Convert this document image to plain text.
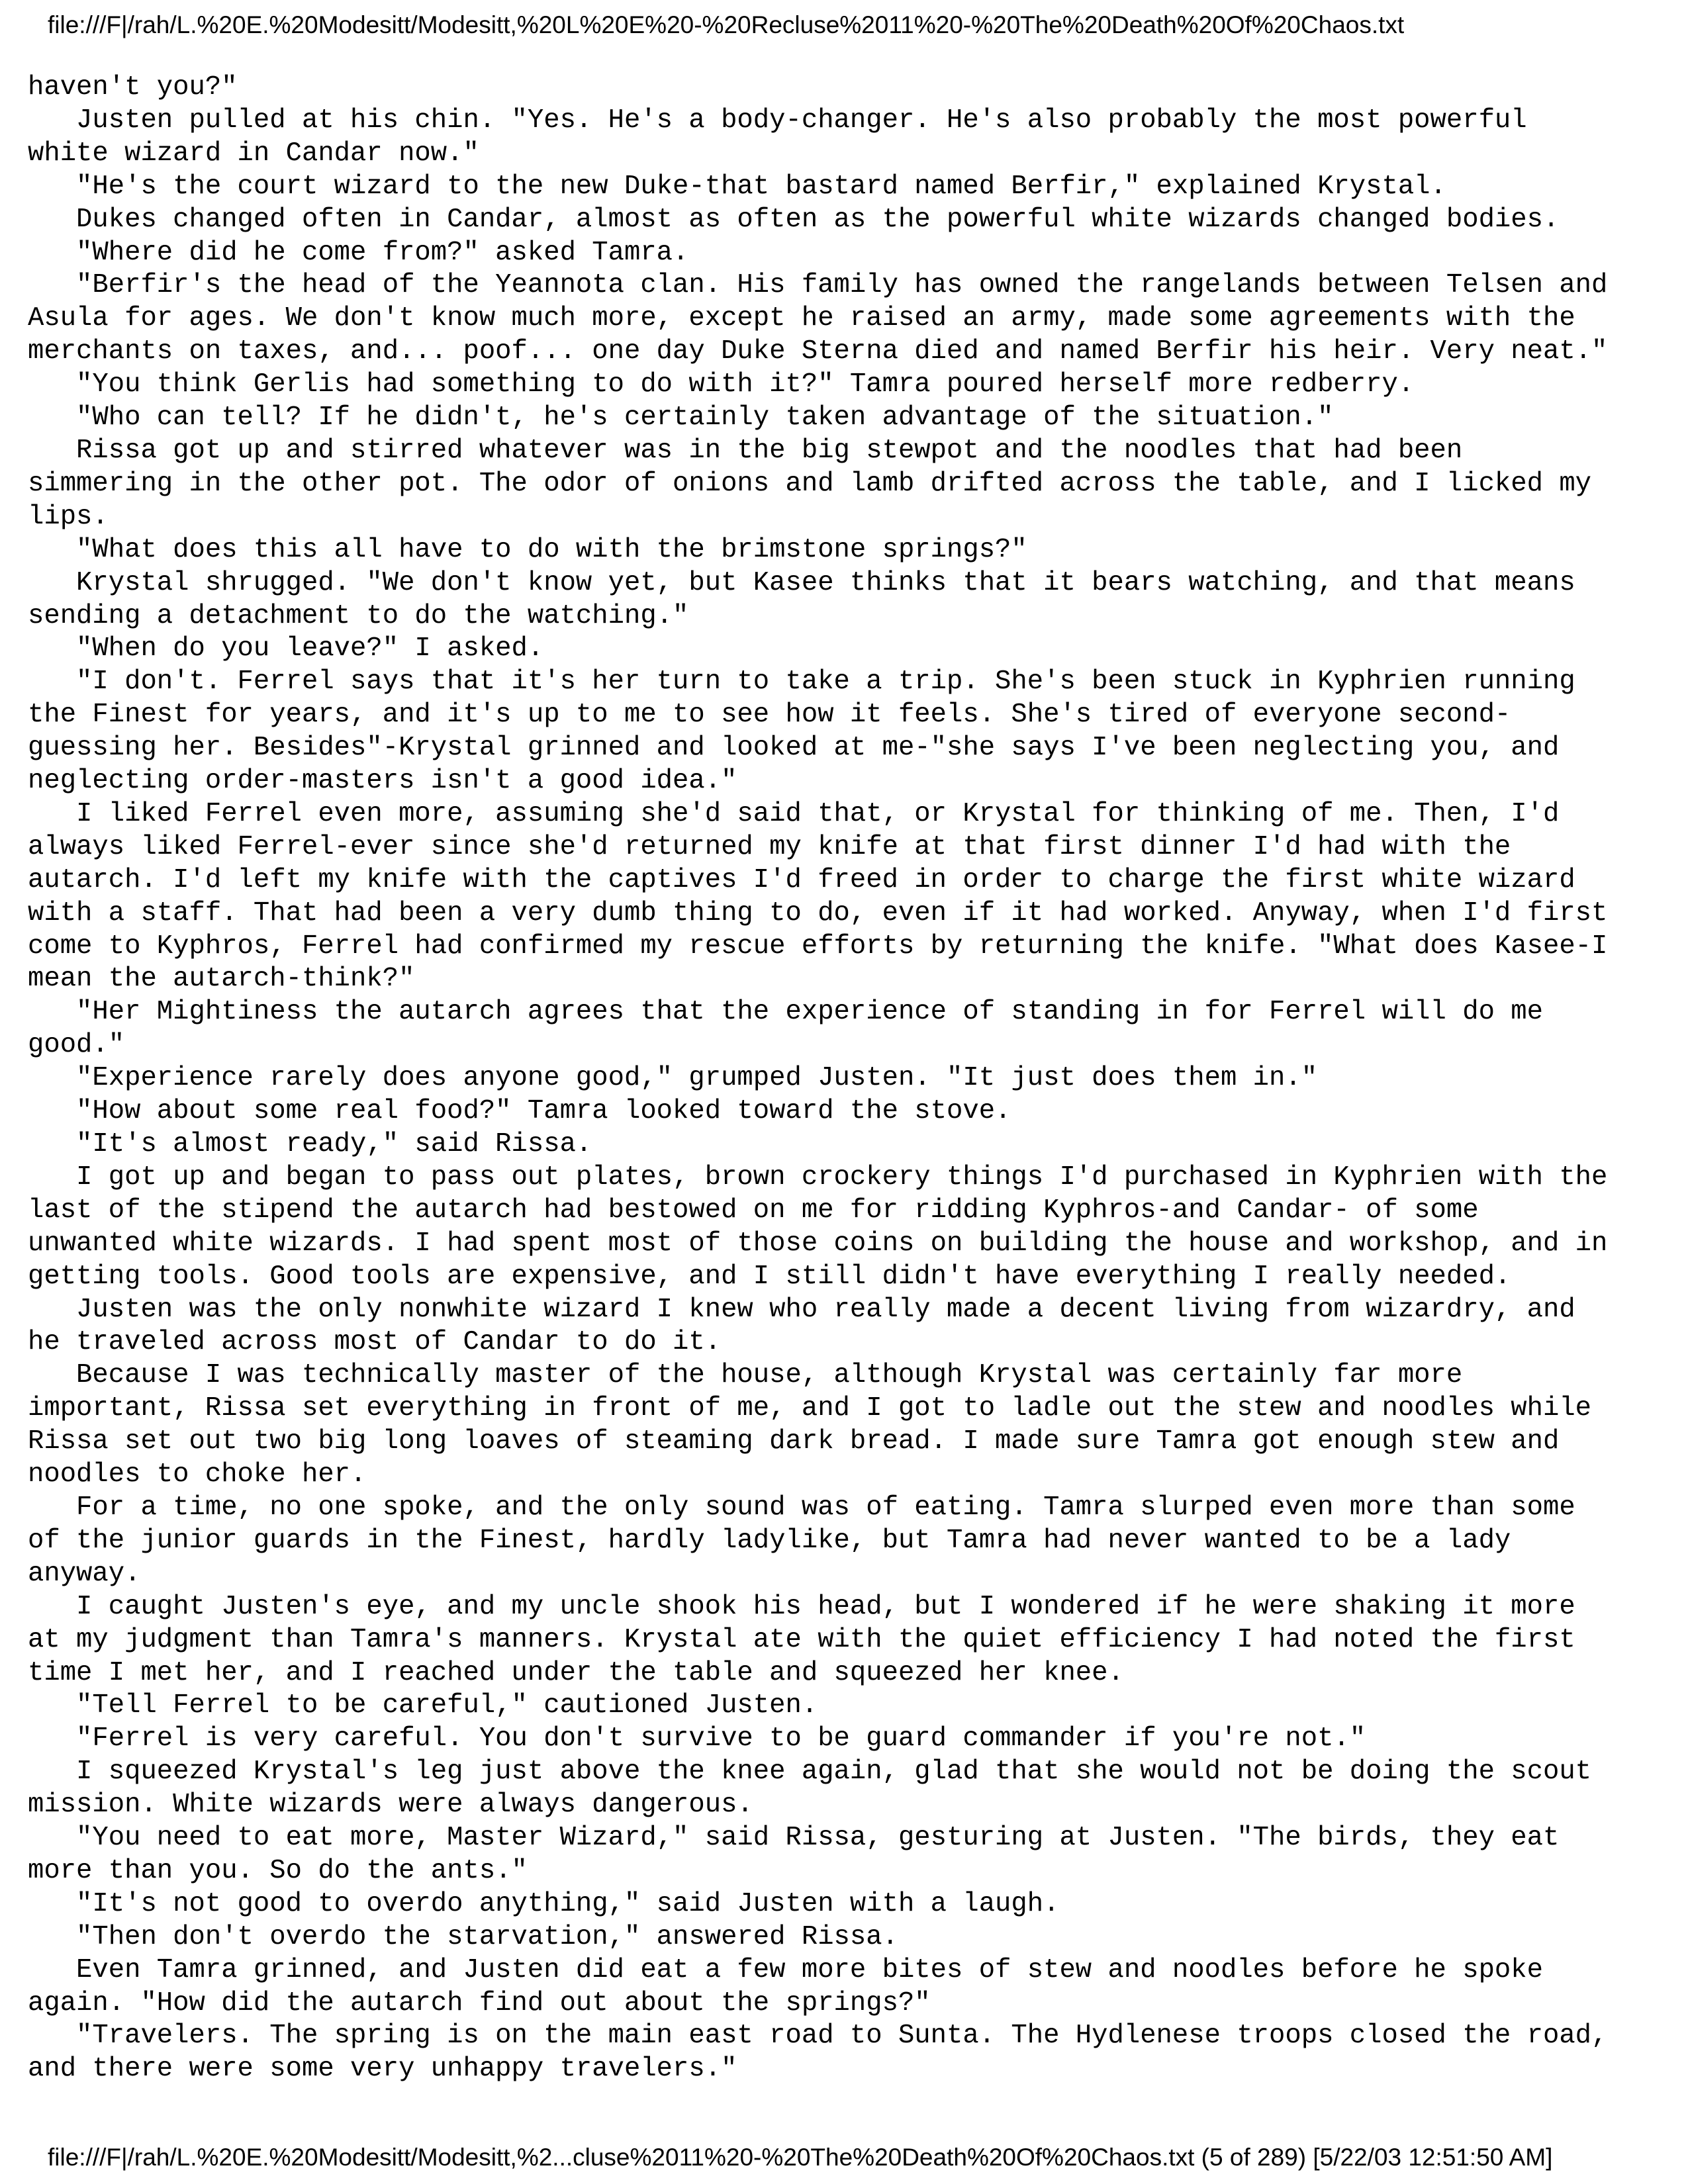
file:///F|/rah/L.%20E.%20Modesitt/Modesitt,%20L%20E%20-%20Recluse%2011%20-%20The%20Death%20Of%20Chaos.txt
haven't you?"
Justen pulled at his chin. "Yes. He's a body-changer. He's also probably the most powerful
white wizard in Candar now."
"He's the court wizard to the new Duke-that bastard named Berfir," explained Krystal.
Dukes changed often in Candar, almost as often as the powerful white wizards changed bodies.
"Where did he come from?" asked Tamra.
"Berfir's the head of the Yeannota clan. His family has owned the rangelands between Telsen and
Asula for ages. We don't know much more, except he raised an army, made some agreements with the
merchants on taxes, and... poof... one day Duke Sterna died and named Berfir his heir. Very neat."
"You think Gerlis had something to do with it?" Tamra poured herself more redberry.
"Who can tell? If he didn't, he's certainly taken advantage of the situation."
Rissa got up and stirred whatever was in the big stewpot and the noodles that had been
simmering in the other pot. The odor of onions and lamb drifted across the table, and I licked my
lips.
"What does this all have to do with the brimstone springs?"
Krystal shrugged. "We don't know yet, but Kasee thinks that it bears watching, and that means
sending a detachment to do the watching."
"When do you leave?" I asked.
"I don't. Ferrel says that it's her turn to take a trip. She's been stuck in Kyphrien running
the Finest for years, and it's up to me to see how it feels. She's tired of everyone second-
guessing her. Besides"-Krystal grinned and looked at me-"she says I've been neglecting you, and
neglecting order-masters isn't a good idea."
I liked Ferrel even more, assuming she'd said that, or Krystal for thinking of me. Then, I'd
always liked Ferrel-ever since she'd returned my knife at that first dinner I'd had with the
autarch. I'd left my knife with the captives I'd freed in order to charge the first white wizard
with a staff. That had been a very dumb thing to do, even if it had worked. Anyway, when I'd first
come to Kyphros, Ferrel had confirmed my rescue efforts by returning the knife. "What does Kasee-I
mean the autarch-think?"
"Her Mightiness the autarch agrees that the experience of standing in for Ferrel will do me
good."
"Experience rarely does anyone good," grumped Justen. "It just does them in."
"How about some real food?" Tamra looked toward the stove.
"It's almost ready," said Rissa.
I got up and began to pass out plates, brown crockery things I'd purchased in Kyphrien with the
last of the stipend the autarch had bestowed on me for ridding Kyphros-and Candar- of some
unwanted white wizards. I had spent most of those coins on building the house and workshop, and in
getting tools. Good tools are expensive, and I still didn't have everything I really needed.
Justen was the only nonwhite wizard I knew who really made a decent living from wizardry, and
he traveled across most of Candar to do it.
Because I was technically master of the house, although Krystal was certainly far more
important, Rissa set everything in front of me, and I got to ladle out the stew and noodles while
Rissa set out two big long loaves of steaming dark bread. I made sure Tamra got enough stew and
noodles to choke her.
For a time, no one spoke, and the only sound was of eating. Tamra slurped even more than some
of the junior guards in the Finest, hardly ladylike, but Tamra had never wanted to be a lady
anyway.
I caught Justen's eye, and my uncle shook his head, but I wondered if he were shaking it more
at my judgment than Tamra's manners. Krystal ate with the quiet efficiency I had noted the first
time I met her, and I reached under the table and squeezed her knee.
"Tell Ferrel to be careful," cautioned Justen.
"Ferrel is very careful. You don't survive to be guard commander if you're not."
I squeezed Krystal's leg just above the knee again, glad that she would not be doing the scout
mission. White wizards were always dangerous.
"You need to eat more, Master Wizard," said Rissa, gesturing at Justen. "The birds, they eat
more than you. So do the ants."
"It's not good to overdo anything," said Justen with a laugh.
"Then don't overdo the starvation," answered Rissa.
Even Tamra grinned, and Justen did eat a few more bites of stew and noodles before he spoke
again. "How did the autarch find out about the springs?"
"Travelers. The spring is on the main east road to Sunta. The Hydlenese troops closed the road,
and there were some very unhappy travelers."
file:///F|/rah/L.%20E.%20Modesitt/Modesitt,%2...cluse%2011%20-%20The%20Death%20Of%20Chaos.txt (5 of 289) [5/22/03 12:51:50 AM]
